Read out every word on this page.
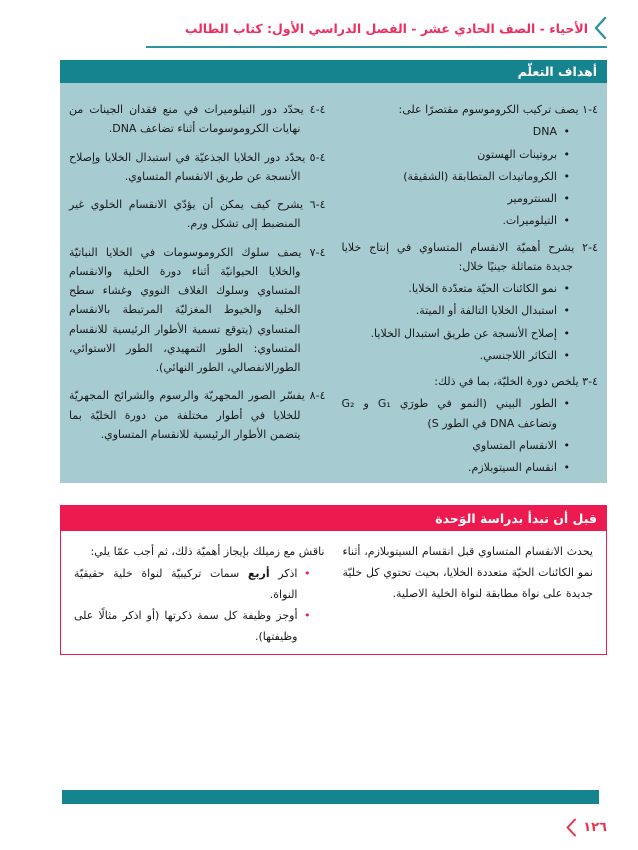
الأحياء - الصف الحادي عشر - الفصل الدراسي الأول: كتاب الطالب
أهداف التعلّم

٤-١ يصف تركيب الكروموسوم مقتصرًا على:

• DNA
• بروتينات الهستون
• الكروماتيدات المتطابقة (الشقيقة)
• السنترومير
• التيلوميرات.

٤-٢ يشرح أهميّة الانقسام المتساوي في إنتاج خلايا جديدة متماثلة جينيًا خلال:

• نمو الكائنات الحيّة متعدّدة الخلايا.
• استبدال الخلايا التالفة أو الميتة.
• إصلاح الأنسجة عن طريق استبدال الخلايا.
• التكاثر اللاجنسي.

٤-٣ يلخص دورة الخليّة، بما في ذلك:

• الطور البيني (النمو في طورَي G₁ و G₂ وتضاعف DNA في الطور S)
• الانقسام المتساوي
• انقسام السيتوبلازم.

٤-٤ يحدّد دور التيلوميرات في منع فقدان الجينات من نهايات الكروموسومات أثناء تضاعف DNA.

٤-٥ يحدّد دور الخلايا الجذعيّة في استبدال الخلايا وإصلاح الأنسجة عن طريق الانقسام المتساوي.

٤-٦ يشرح كيف يمكن أن يؤدّي الانقسام الخلوي غير المنضبط إلى تشكل ورم.

٤-٧ يصف سلوك الكروموسومات في الخلايا النباتيّة والخلايا الحيوانيّة أثناء دورة الخلية والانقسام المتساوي وسلوك الغلاف النووي وغشاء سطح الخلية والخيوط المغزليّة المرتبطة بالانقسام المتساوي (يتوقع تسمية الأطوار الرئيسية للانقسام المتساوي: الطور التمهيدي، الطور الاستوائي، الطورالانفصالي، الطور النهائي).

٤-٨ يفسّر الصور المجهريّة والرسوم والشرائح المجهريّة للخلايا في أطوار مختلفة من دورة الخليّة بما يتضمن الأطوار الرئيسية للانقسام المتساوي.

قبل أن تبدأ بدراسة الوَحدة

يحدث الانقسام المتساوي قبل انقسام السيتوبلازم، أثناء نمو الكائنات الحيّة متعددة الخلايا، بحيث تحتوي كل خليّة جديدة على نواة مطابقة لنواة الخلية الاصلية.

ناقش مع زميلك بإيجاز أهميّة ذلك، ثم أجب عمّا يلي:

• اذكر أربع سمات تركيبيّة لنواة خلية حقيقيّة النواة.
• أوجز وظيفة كل سمة ذكرتها (أو اذكر مثالًا على وظيفتها).
١٢٦
